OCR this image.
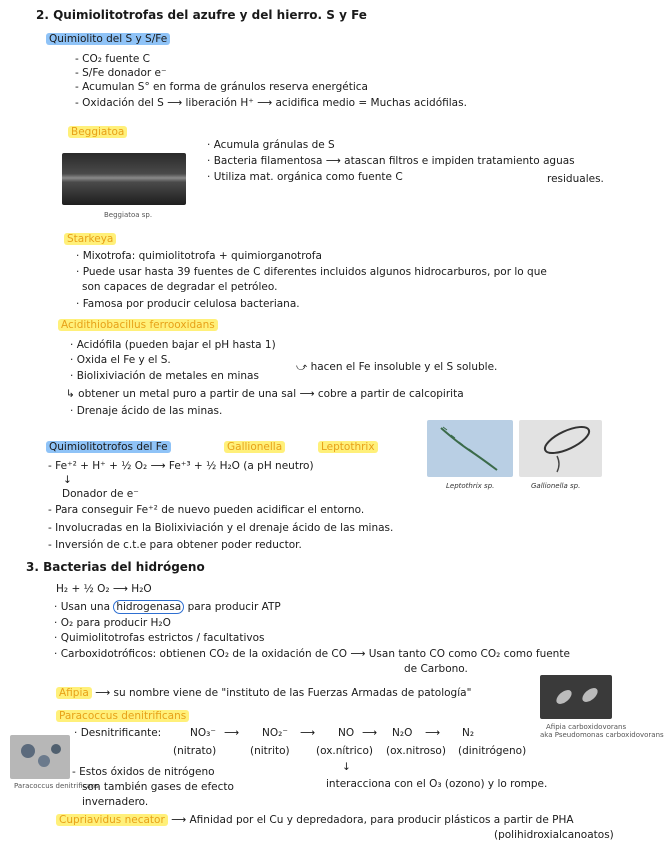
2. Quimiolitotrofas del azufre y del hierro. S y Fe
Quimiolito del S y S/Fe
- CO₂ fuente C
- S/Fe donador e⁻
- Acumulan S° en forma de gránulos reserva energética
- Oxidación del S ⟶ liberación H⁺ ⟶ acidifica medio = Muchas acidófilas.
Beggiatoa
Beggiatoa sp.
· Acumula gránulas de S
· Bacteria filamentosa ⟶ atascan filtros e impiden tratamiento aguas
· Utiliza mat. orgánica como fuente C	residuales.
Starkeya
· Mixotrofa: quimiolitotrofa + quimiorganotrofa
· Puede usar hasta 39 fuentes de C diferentes incluidos algunos hidrocarburos, por lo que
son capaces de degradar el petróleo.
· Famosa por producir celulosa bacteriana.
Acidithiobacillus ferrooxidans
· Acidófila (pueden bajar el pH hasta 1)
· Oxida el Fe y el S.
· Biolixiviación de metales en minas
⤻ hacen el Fe insoluble y el S soluble.
↳ obtener un metal puro a partir de una sal ⟶ cobre a partir de calcopirita
· Drenaje ácido de las minas.
Quimiolitotrofos del Fe	Gallionella	Leptothrix
Leptothrix sp.	Gallionella sp.
- Fe⁺² + H⁺ + ½ O₂ ⟶ Fe⁺³ + ½ H₂O (a pH neutro)
↓
Donador de e⁻
- Para conseguir Fe⁺² de nuevo pueden acidificar el entorno.
- Involucradas en la Biolixiviación y el drenaje ácido de las minas.
- Inversión de c.t.e para obtener poder reductor.
3. Bacterias del hidrógeno
H₂ + ½ O₂ ⟶ H₂O
· Usan una hidrogenasa para producir ATP
· O₂ para producir H₂O
· Quimiolitotrofas estrictos / facultativos
· Carboxidotróficos: obtienen CO₂ de la oxidación de CO ⟶ Usan tanto CO como CO₂ como fuente
de Carbono.
Afipia ⟶ su nombre viene de "instituto de las Fuerzas Armadas de patología"
Afipia carboxidovorans
aka Pseudomonas carboxidovorans
Paracoccus denitrificans
Paracoccus denitrificans
· Desnitrificante:	NO₃⁻ ⟶ NO₂⁻ ⟶ NO ⟶ N₂O ⟶ N₂
(nitrato)	(nitrito)	(ox.nítrico) (ox.nitroso) (dinitrógeno)
↓
interacciona con el O₃ (ozono) y lo rompe.
- Estos óxidos de nitrógeno
son también gases de efecto
invernadero.
Cupriavidus necator ⟶ Afinidad por el Cu y depredadora, para producir plásticos a partir de PHA
(polihidroxialcanoatos)
